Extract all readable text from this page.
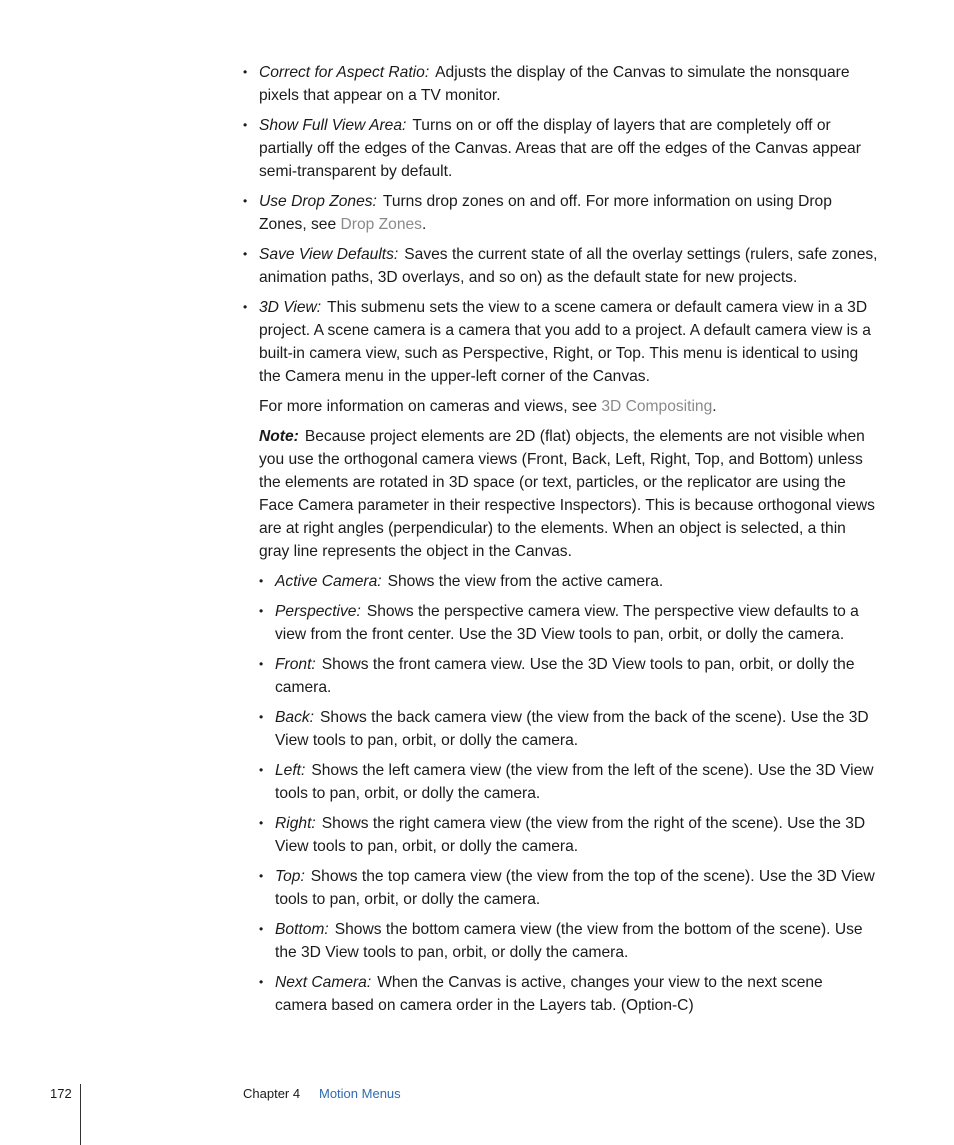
• Correct for Aspect Ratio: Adjusts the display of the Canvas to simulate the nonsquare pixels that appear on a TV monitor.
• Show Full View Area: Turns on or off the display of layers that are completely off or partially off the edges of the Canvas. Areas that are off the edges of the Canvas appear semi-transparent by default.
• Use Drop Zones: Turns drop zones on and off. For more information on using Drop Zones, see Drop Zones.
• Save View Defaults: Saves the current state of all the overlay settings (rulers, safe zones, animation paths, 3D overlays, and so on) as the default state for new projects.
• 3D View: This submenu sets the view to a scene camera or default camera view in a 3D project. A scene camera is a camera that you add to a project. A default camera view is a built-in camera view, such as Perspective, Right, or Top. This menu is identical to using the Camera menu in the upper-left corner of the Canvas.
For more information on cameras and views, see 3D Compositing.
Note: Because project elements are 2D (flat) objects, the elements are not visible when you use the orthogonal camera views (Front, Back, Left, Right, Top, and Bottom) unless the elements are rotated in 3D space (or text, particles, or the replicator are using the Face Camera parameter in their respective Inspectors). This is because orthogonal views are at right angles (perpendicular) to the elements. When an object is selected, a thin gray line represents the object in the Canvas.
• Active Camera: Shows the view from the active camera.
• Perspective: Shows the perspective camera view. The perspective view defaults to a view from the front center. Use the 3D View tools to pan, orbit, or dolly the camera.
• Front: Shows the front camera view. Use the 3D View tools to pan, orbit, or dolly the camera.
• Back: Shows the back camera view (the view from the back of the scene). Use the 3D View tools to pan, orbit, or dolly the camera.
• Left: Shows the left camera view (the view from the left of the scene). Use the 3D View tools to pan, orbit, or dolly the camera.
• Right: Shows the right camera view (the view from the right of the scene). Use the 3D View tools to pan, orbit, or dolly the camera.
• Top: Shows the top camera view (the view from the top of the scene). Use the 3D View tools to pan, orbit, or dolly the camera.
• Bottom: Shows the bottom camera view (the view from the bottom of the scene). Use the 3D View tools to pan, orbit, or dolly the camera.
• Next Camera: When the Canvas is active, changes your view to the next scene camera based on camera order in the Layers tab. (Option-C)
172	Chapter 4 Motion Menus
